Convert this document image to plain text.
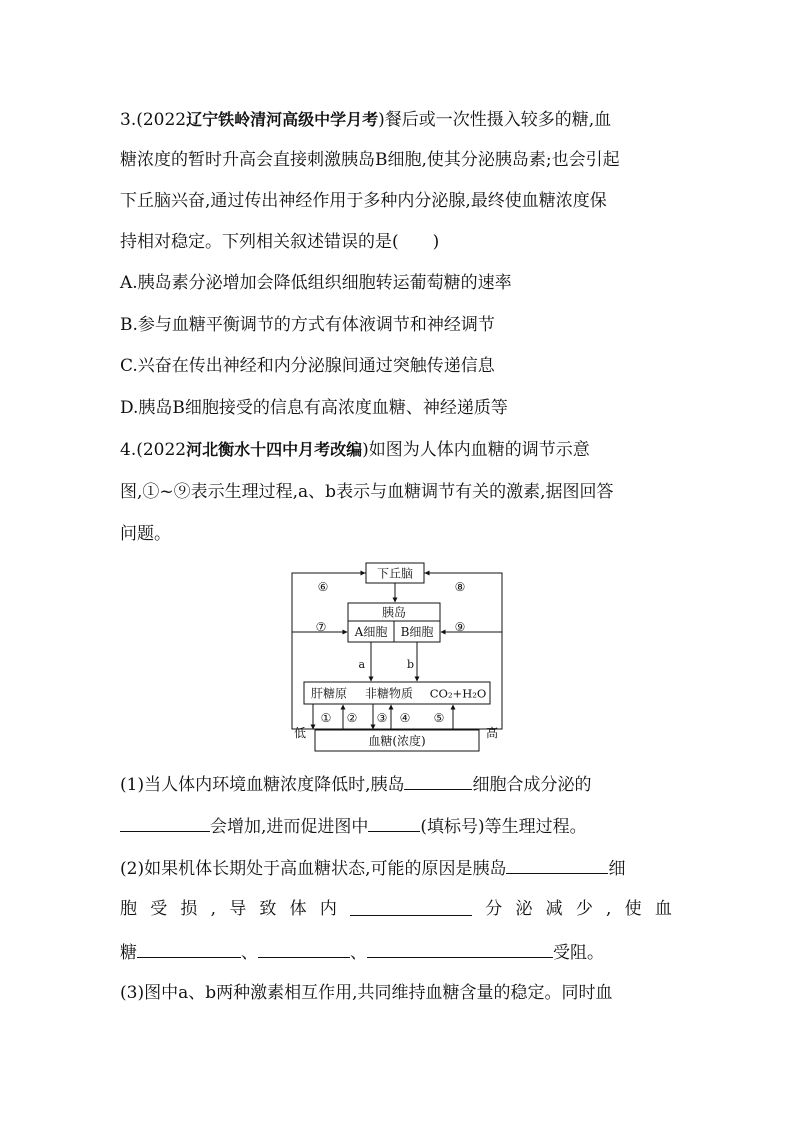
3.(2022辽宁铁岭清河高级中学月考)餐后或一次性摄入较多的糖,血
糖浓度的暂时升高会直接刺激胰岛B细胞,使其分泌胰岛素;也会引起
下丘脑兴奋,通过传出神经作用于多种内分泌腺,最终使血糖浓度保
持相对稳定。下列相关叙述错误的是( )
A.胰岛素分泌增加会降低组织细胞转运葡萄糖的速率
B.参与血糖平衡调节的方式有体液调节和神经调节
C.兴奋在传出神经和内分泌腺间通过突触传递信息
D.胰岛B细胞接受的信息有高浓度血糖、神经递质等
4.(2022河北衡水十四中月考改编)如图为人体内血糖的调节示意
图,①~⑨表示生理过程,a、b表示与血糖调节有关的激素,据图回答
问题。
下丘脑
胰岛
A细胞 B细胞
a	b
肝糖原 非糖物质 CO₂+H₂O
血糖(浓度)
低	高
① ② ③ ④ ⑤
⑥
⑦
⑧
⑨
(1)当人体内环境血糖浓度降低时,胰岛	细胞合成分泌的
会增加,进而促进图中	(填标号)等生理过程。
(2)如果机体长期处于高血糖状态,可能的原因是胰岛	细
胞 受 损 , 导 致 体 内	分 泌 减 少 , 使 血
糖	、	、	受阻。
(3)图中a、b两种激素相互作用,共同维持血糖含量的稳定。同时血
